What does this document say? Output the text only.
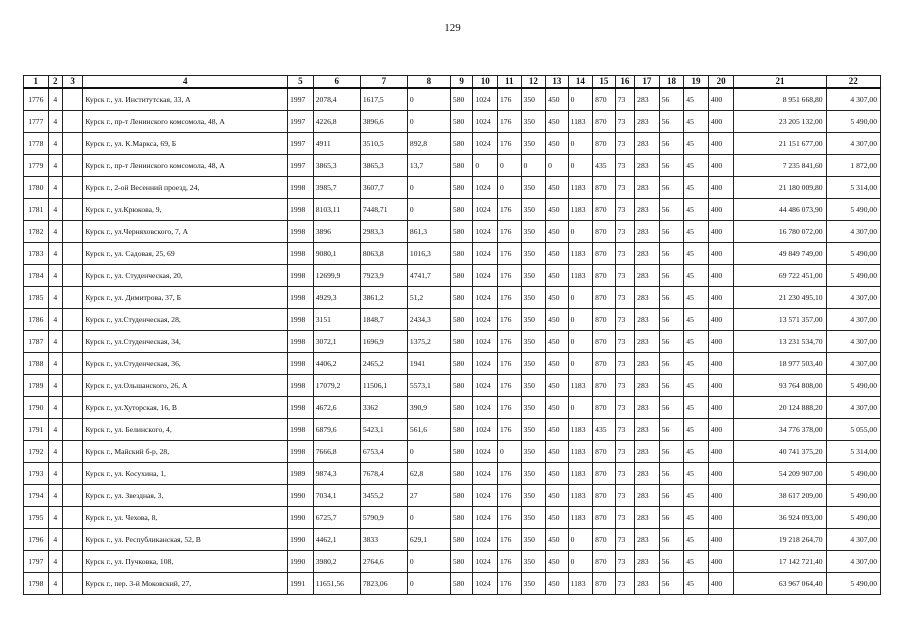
129
1	2	3	4	5	6	7	8	9	10	11	12	13	14	15	16	17	18	19	20	21	22
1776	4		Курск г., ул. Институтская, 33, А	1997	2078,4	1617,5	0	580	1024	176	350	450	0	870	73	283	56	45	400	8 951 668,80	4 307,00
1777	4		Курск г., пр-т Ленинского комсомола, 48, А	1997	4226,8	3896,6	0	580	1024	176	350	450	1183	870	73	283	56	45	400	23 205 132,00	5 490,00
1778	4		Курск г., ул. К.Маркса, 69, Б	1997	4911	3510,5	892,8	580	1024	176	350	450	0	870	73	283	56	45	400	21 151 677,00	4 307,00
1779	4		Курск г., пр-т Ленинского комсомола, 48, А	1997	3865,3	3865,3	13,7	580	0	0	0	0	0	435	73	283	56	45	400	7 235 841,60	1 872,00
1780	4		Курск г., 2-ой Весенний проезд, 24,	1998	3985,7	3607,7	0	580	1024	0	350	450	1183	870	73	283	56	45	400	21 180 009,80	5 314,00
1781	4		Курск г., ул.Крюкова, 9,	1998	8103,11	7448,71	0	580	1024	176	350	450	1183	870	73	283	56	45	400	44 486 073,90	5 490,00
1782	4		Курск г., ул.Черняховского, 7, А	1998	3896	2983,3	861,3	580	1024	176	350	450	0	870	73	283	56	45	400	16 780 072,00	4 307,00
1783	4		Курск г., ул. Садовая, 25, 69	1998	9080,1	8063,8	1016,3	580	1024	176	350	450	1183	870	73	283	56	45	400	49 849 749,00	5 490,00
1784	4		Курск г., ул. Студенческая, 20,	1998	12699,9	7923,9	4741,7	580	1024	176	350	450	1183	870	73	283	56	45	400	69 722 451,00	5 490,00
1785	4		Курск г., ул. Димитрова, 37, Б	1998	4929,3	3861,2	51,2	580	1024	176	350	450	0	870	73	283	56	45	400	21 230 495,10	4 307,00
1786	4		Курск г., ул.Студенческая, 28,	1998	3151	1848,7	2434,3	580	1024	176	350	450	0	870	73	283	56	45	400	13 571 357,00	4 307,00
1787	4		Курск г., ул.Студенческая, 34,	1998	3072,1	1696,9	1375,2	580	1024	176	350	450	0	870	73	283	56	45	400	13 231 534,70	4 307,00
1788	4		Курск г., ул.Студенческая, 36,	1998	4406,2	2465,2	1941	580	1024	176	350	450	0	870	73	283	56	45	400	18 977 503,40	4 307,00
1789	4		Курск г., ул.Ольшанского, 26, А	1998	17079,2	11506,1	5573,1	580	1024	176	350	450	1183	870	73	283	56	45	400	93 764 808,00	5 490,00
1790	4		Курск г., ул.Хуторская, 16, В	1998	4672,6	3362	390,9	580	1024	176	350	450	0	870	73	283	56	45	400	20 124 888,20	4 307,00
1791	4		Курск г., ул. Белинского, 4,	1998	6879,6	5423,1	561,6	580	1024	176	350	450	1183	435	73	283	56	45	400	34 776 378,00	5 055,00
1792	4		Курск г., Майский б-р, 28,	1998	7666,8	6753,4	0	580	1024	0	350	450	1183	870	73	283	56	45	400	40 741 375,20	5 314,00
1793	4		Курск г., ул. Косухина, 1,	1989	9874,3	7678,4	62,8	580	1024	176	350	450	1183	870	73	283	56	45	400	54 209 907,00	5 490,00
1794	4		Курск г., ул. Звездная, 3,	1990	7034,1	3455,2	27	580	1024	176	350	450	1183	870	73	283	56	45	400	38 617 209,00	5 490,00
1795	4		Курск г., ул. Чехова, 8,	1990	6725,7	5790,9	0	580	1024	176	350	450	1183	870	73	283	56	45	400	36 924 093,00	5 490,00
1796	4		Курск г., ул. Республиканская, 52, В	1990	4462,1	3833	629,1	580	1024	176	350	450	0	870	73	283	56	45	400	19 218 264,70	4 307,00
1797	4		Курск г., ул. Пучковка, 108,	1990	3980,2	2764,6	0	580	1024	176	350	450	0	870	73	283	56	45	400	17 142 721,40	4 307,00
1798	4		Курск г., пер. 3-й Моковский, 27,	1991	11651,56	7823,06	0	580	1024	176	350	450	1183	870	73	283	56	45	400	63 967 064,40	5 490,00
